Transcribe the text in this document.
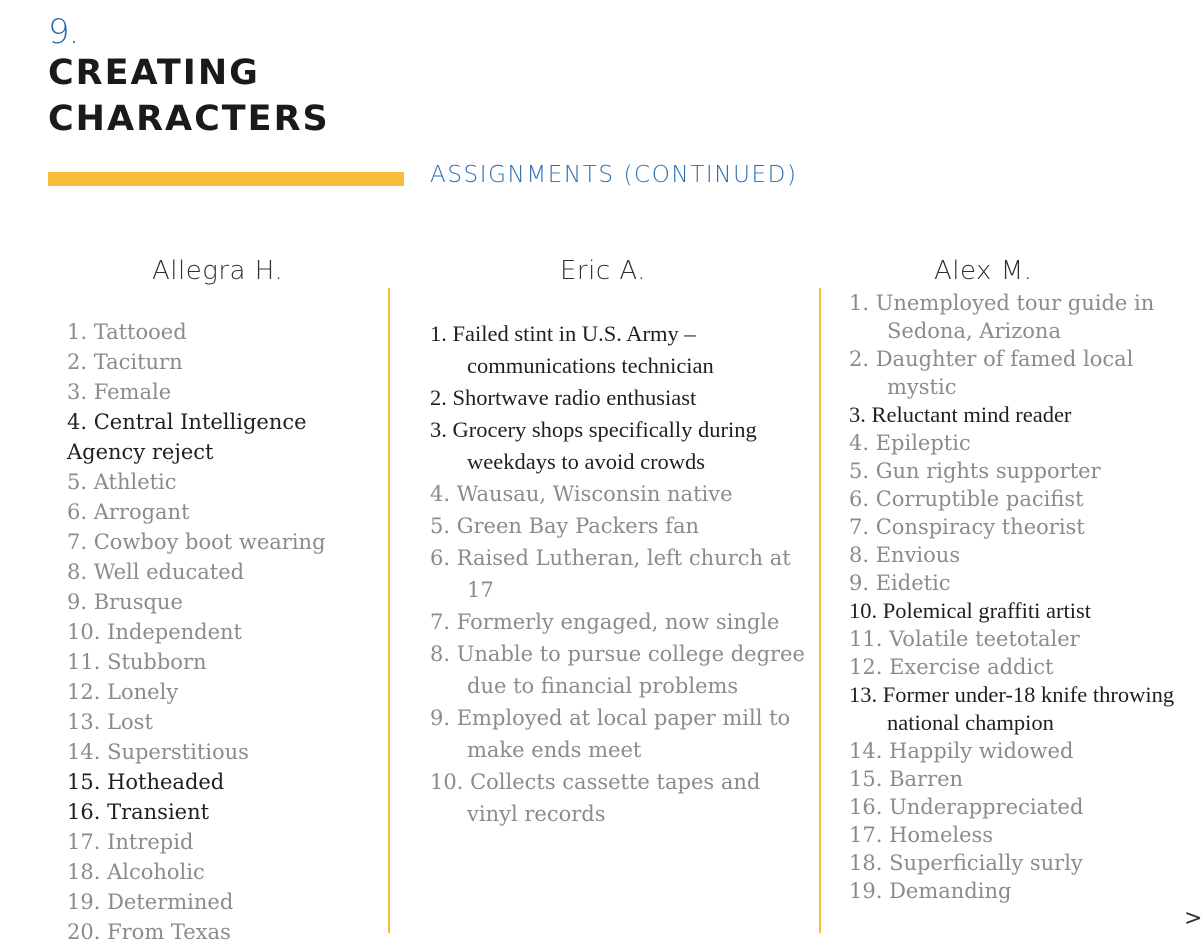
9.
CREATING
CHARACTERS
ASSIGNMENTS (CONTINUED)
Allegra H.	Eric A.	Alex M.
1. Tattooed
2. Taciturn
3. Female
4. Central Intelligence Agency reject
5. Athletic
6. Arrogant
7. Cowboy boot wearing
8. Well educated
9. Brusque
10. Independent
11. Stubborn
12. Lonely
13. Lost
14. Superstitious
15. Hotheaded
16. Transient
17. Intrepid
18. Alcoholic
19. Determined
20. From Texas
1. Failed stint in U.S. Army – communications technician
2. Shortwave radio enthusiast
3. Grocery shops specifically during weekdays to avoid crowds
4. Wausau, Wisconsin native
5. Green Bay Packers fan
6. Raised Lutheran, left church at 17
7. Formerly engaged, now single
8. Unable to pursue college degree due to financial problems
9. Employed at local paper mill to make ends meet
10. Collects cassette tapes and vinyl records
1. Unemployed tour guide in Sedona, Arizona
2. Daughter of famed local mystic
3. Reluctant mind reader
4. Epileptic
5. Gun rights supporter
6. Corruptible pacifist
7. Conspiracy theorist
8. Envious
9. Eidetic
10. Polemical graffiti artist
11. Volatile teetotaler
12. Exercise addict
13. Former under-18 knife throwing national champion
14. Happily widowed
15. Barren
16. Underappreciated
17. Homeless
18. Superficially surly
19. Demanding
>
